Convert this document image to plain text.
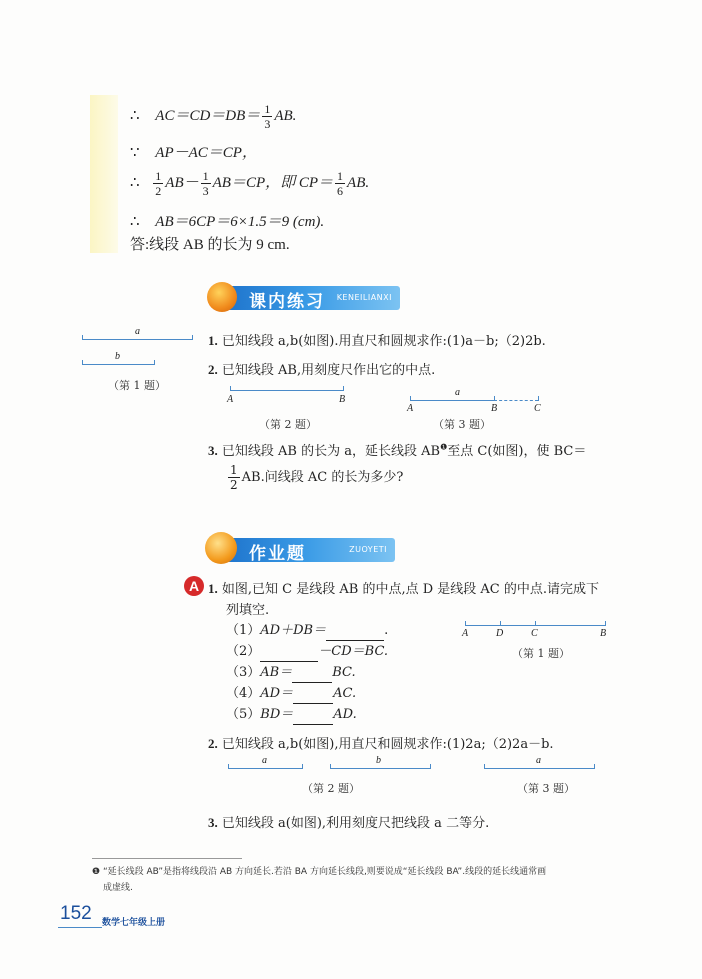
∴ $AC=CD=DB= \frac{1}{3}$ AB.
∵ AP－AC＝CP，
∴ $\frac{1}{2} AB- \frac{1}{3} AB=CP$，即 $CP= \frac{1}{6}$ AB.
∴ AB＝6CP＝6×1.5＝9 (cm).
答:线段 AB 的长为 9 cm.
课内练习 KENEILIANXI
a
b
（第 1 题）
1. 已知线段 a,b(如图).用直尺和圆规求作:(1)a－b;（2)2b.
2. 已知线段 AB,用刻度尺作出它的中点.
A	B
（第 2 题）
a
A	B	C
（第 3 题）
3. 已知线段 AB 的长为 a，延长线段 $AB^❶$至点 C(如图)，使 BC＝
$\frac{1}{2}$ AB.问线段 AC 的长为多少?
作业题	ZUOYETI
A 1. 如图,已知 C 是线段 AB 的中点,点 D 是线段 AC 的中点.请完成下
列填空.
（1）AD＋DB＝	.
（2）	－CD＝BC.
（3）AB＝	BC.
（4）AD＝	AC.
（5）BD＝	AD.
A	D	C	B
（第 1 题）
2. 已知线段 a,b(如图),用直尺和圆规求作:(1)2a;（2)2a－b.
a	b
（第 2 题）
a
（第 3 题）
3. 已知线段 a(如图),利用刻度尺把线段 a 二等分.
❶ “延长线段 AB”是指将线段沿 AB 方向延长.若沿 BA 方向延长线段,则要说成“延长线段 BA”.线段的延长线通常画
成虚线.
152 数学七年级上册
